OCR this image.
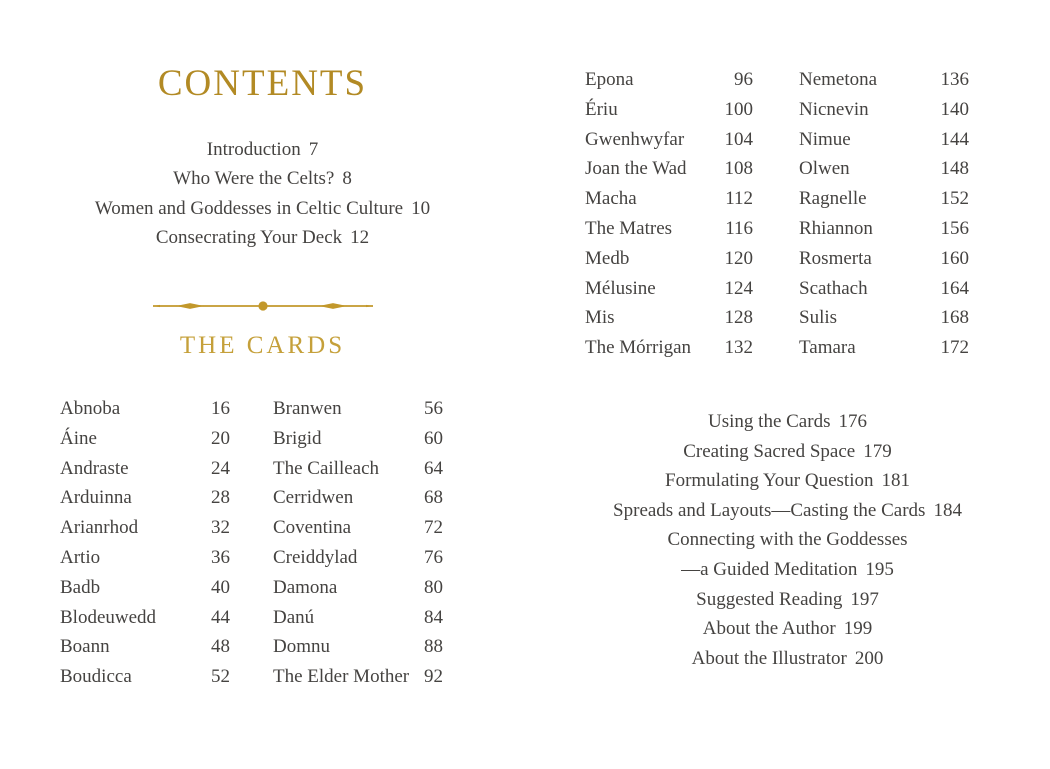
CONTENTS
Introduction 7
Who Were the Celts? 8
Women and Goddesses in Celtic Culture 10
Consecrating Your Deck 12
THE CARDS
Abnoba	16
Áine	20
Andraste	24
Arduinna	28
Arianrhod	32
Artio	36
Badb	40
Blodeuwedd	44
Boann	48
Boudicca	52
Branwen	56
Brigid	60
The Cailleach 64
Cerridwen	68
Coventina	72
Creiddylad	76
Damona	80
Danú	84
Domnu	88
The Elder Mother 92
Epona	96
Ériu	100
Gwenhwyfar 104
Joan the Wad 108
Macha	112
The Matres	116
Medb	120
Mélusine	124
Mis	128
The Mórrigan 132
Nemetona	136
Nicnevin	140
Nimue	144
Olwen	148
Ragnelle	152
Rhiannon	156
Rosmerta	160
Scathach	164
Sulis	168
Tamara	172
Using the Cards 176
Creating Sacred Space 179
Formulating Your Question 181
Spreads and Layouts—Casting the Cards 184
Connecting with the Goddesses
—a Guided Meditation 195
Suggested Reading 197
About the Author 199
About the Illustrator 200
